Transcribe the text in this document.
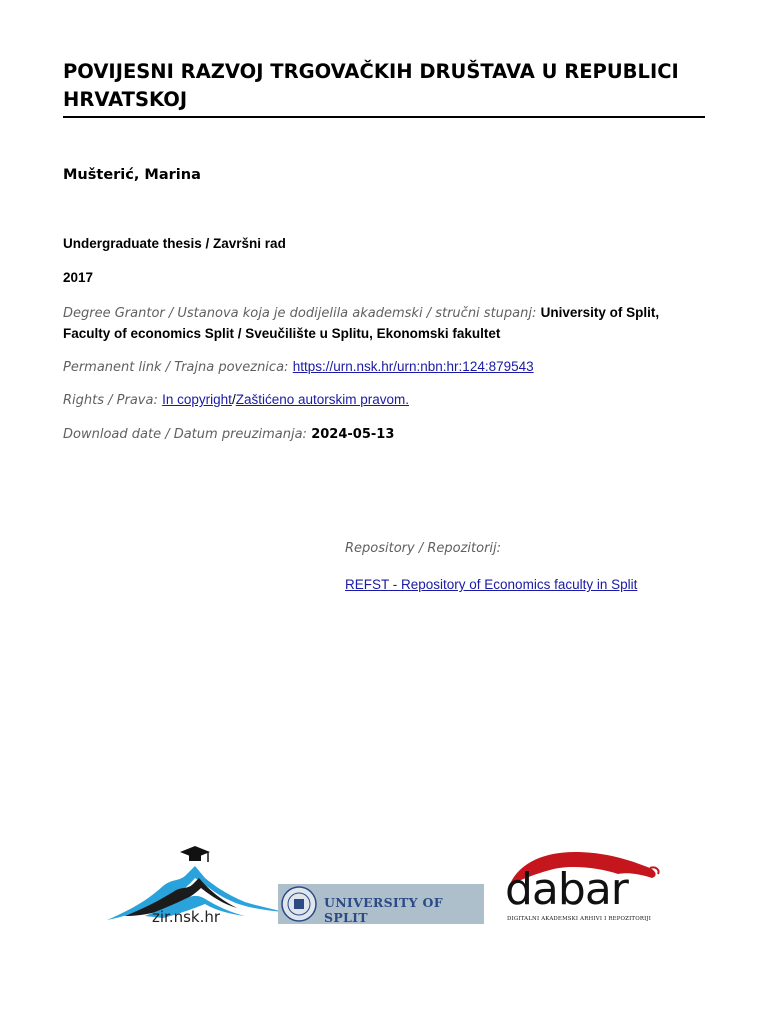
POVIJESNI RAZVOJ TRGOVAČKIH DRUŠTAVA U REPUBLICI HRVATSKOJ
Mušterić, Marina
Undergraduate thesis / Završni rad
2017
Degree Grantor / Ustanova koja je dodijelila akademski / stručni stupanj: University of Split, Faculty of economics Split / Sveučilište u Splitu, Ekonomski fakultet
Permanent link / Trajna poveznica: https://urn.nsk.hr/urn:nbn:hr:124:879543
Rights / Prava: In copyright/Zaštićeno autorskim pravom.
Download date / Datum preuzimanja: 2024-05-13
Repository / Repozitorij:
REFST - Repository of Economics faculty in Split
zir.nsk.hr
UNIVERSITY OF SPLIT
dabar
DIGITALNI AKADEMSKI ARHIVI I REPOZITORIJI
